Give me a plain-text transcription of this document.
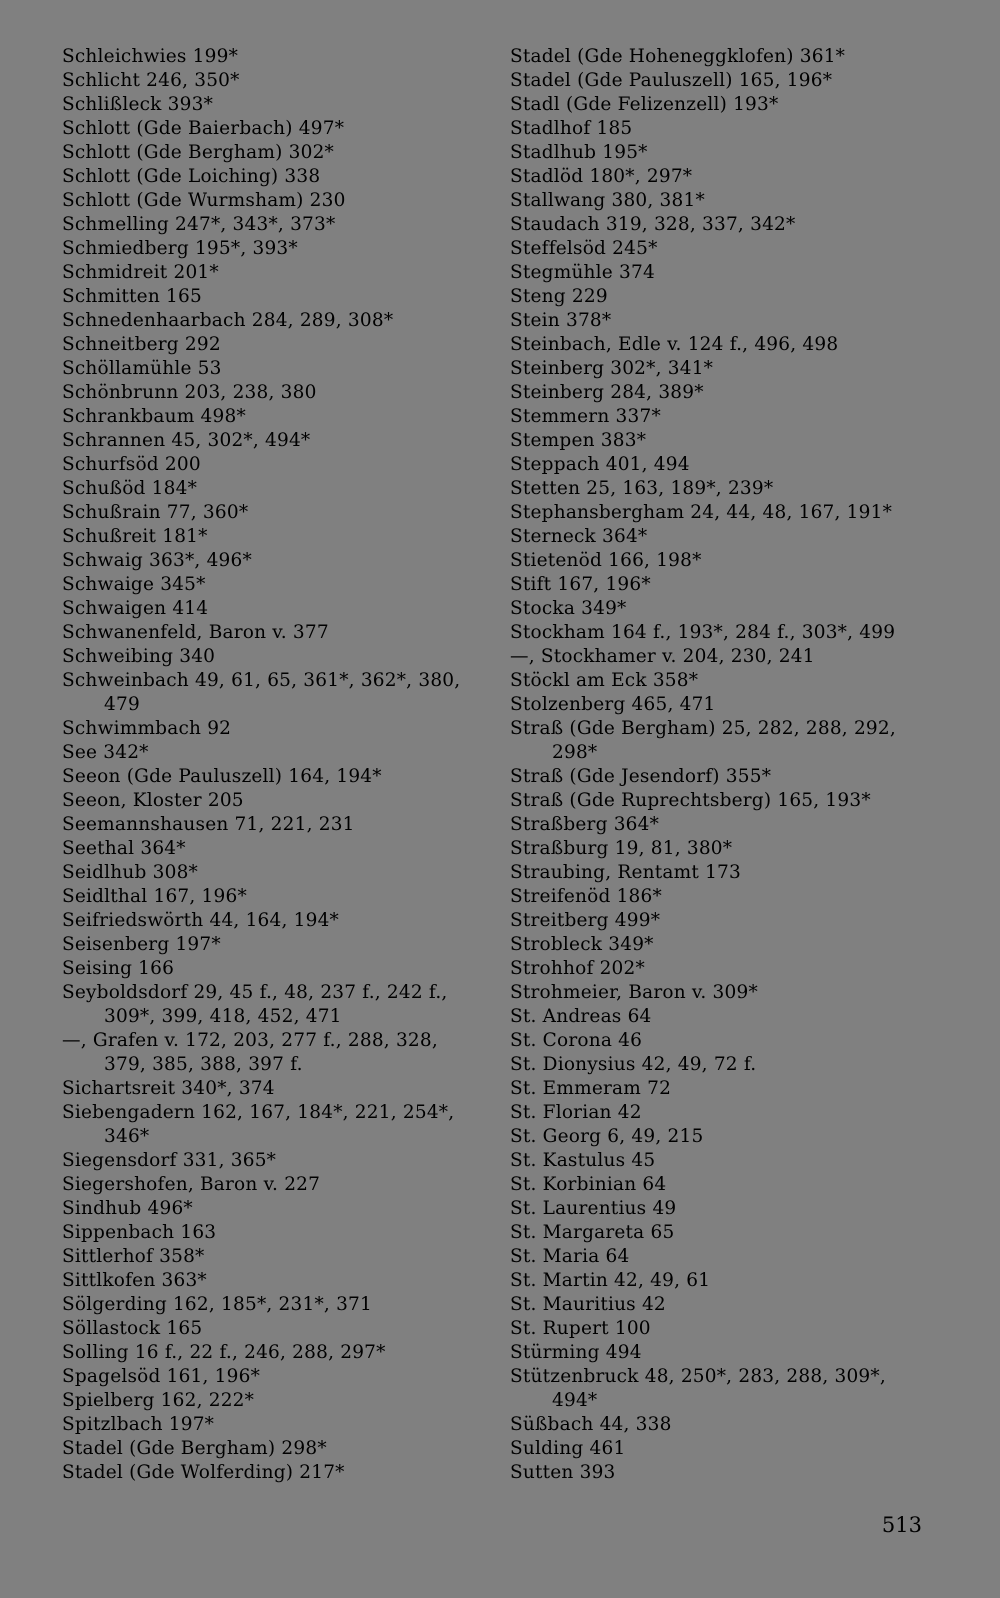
Schleichwies 199*
Schlicht 246, 350*
Schlißleck 393*
Schlott (Gde Baierbach) 497*
Schlott (Gde Bergham) 302*
Schlott (Gde Loiching) 338
Schlott (Gde Wurmsham) 230
Schmelling 247*, 343*, 373*
Schmiedberg 195*, 393*
Schmidreit 201*
Schmitten 165
Schnedenhaarbach 284, 289, 308*
Schneitberg 292
Schöllamühle 53
Schönbrunn 203, 238, 380
Schrankbaum 498*
Schrannen 45, 302*, 494*
Schurfsöd 200
Schußöd 184*
Schußrain 77, 360*
Schußreit 181*
Schwaig 363*, 496*
Schwaige 345*
Schwaigen 414
Schwanenfeld, Baron v. 377
Schweibing 340
Schweinbach 49, 61, 65, 361*, 362*, 380,
479
Schwimmbach 92
See 342*
Seeon (Gde Pauluszell) 164, 194*
Seeon, Kloster 205
Seemannshausen 71, 221, 231
Seethal 364*
Seidlhub 308*
Seidlthal 167, 196*
Seifriedswörth 44, 164, 194*
Seisenberg 197*
Seising 166
Seyboldsdorf 29, 45 f., 48, 237 f., 242 f.,
309*, 399, 418, 452, 471
—, Grafen v. 172, 203, 277 f., 288, 328,
379, 385, 388, 397 f.
Sichartsreit 340*, 374
Siebengadern 162, 167, 184*, 221, 254*,
346*
Siegensdorf 331, 365*
Siegershofen, Baron v. 227
Sindhub 496*
Sippenbach 163
Sittlerhof 358*
Sittlkofen 363*
Sölgerding 162, 185*, 231*, 371
Söllastock 165
Solling 16 f., 22 f., 246, 288, 297*
Spagelsöd 161, 196*
Spielberg 162, 222*
Spitzlbach 197*
Stadel (Gde Bergham) 298*
Stadel (Gde Wolferding) 217*
Stadel (Gde Hoheneggklofen) 361*
Stadel (Gde Pauluszell) 165, 196*
Stadl (Gde Felizenzell) 193*
Stadlhof 185
Stadlhub 195*
Stadlöd 180*, 297*
Stallwang 380, 381*
Staudach 319, 328, 337, 342*
Steffelsöd 245*
Stegmühle 374
Steng 229
Stein 378*
Steinbach, Edle v. 124 f., 496, 498
Steinberg 302*, 341*
Steinberg 284, 389*
Stemmern 337*
Stempen 383*
Steppach 401, 494
Stetten 25, 163, 189*, 239*
Stephansbergham 24, 44, 48, 167, 191*
Sterneck 364*
Stietenöd 166, 198*
Stift 167, 196*
Stocka 349*
Stockham 164 f., 193*, 284 f., 303*, 499
—, Stockhamer v. 204, 230, 241
Stöckl am Eck 358*
Stolzenberg 465, 471
Straß (Gde Bergham) 25, 282, 288, 292,
298*
Straß (Gde Jesendorf) 355*
Straß (Gde Ruprechtsberg) 165, 193*
Straßberg 364*
Straßburg 19, 81, 380*
Straubing, Rentamt 173
Streifenöd 186*
Streitberg 499*
Strobleck 349*
Strohhof 202*
Strohmeier, Baron v. 309*
St. Andreas 64
St. Corona 46
St. Dionysius 42, 49, 72 f.
St. Emmeram 72
St. Florian 42
St. Georg 6, 49, 215
St. Kastulus 45
St. Korbinian 64
St. Laurentius 49
St. Margareta 65
St. Maria 64
St. Martin 42, 49, 61
St. Mauritius 42
St. Rupert 100
Stürming 494
Stützenbruck 48, 250*, 283, 288, 309*,
494*
Süßbach 44, 338
Sulding 461
Sutten 393
513
